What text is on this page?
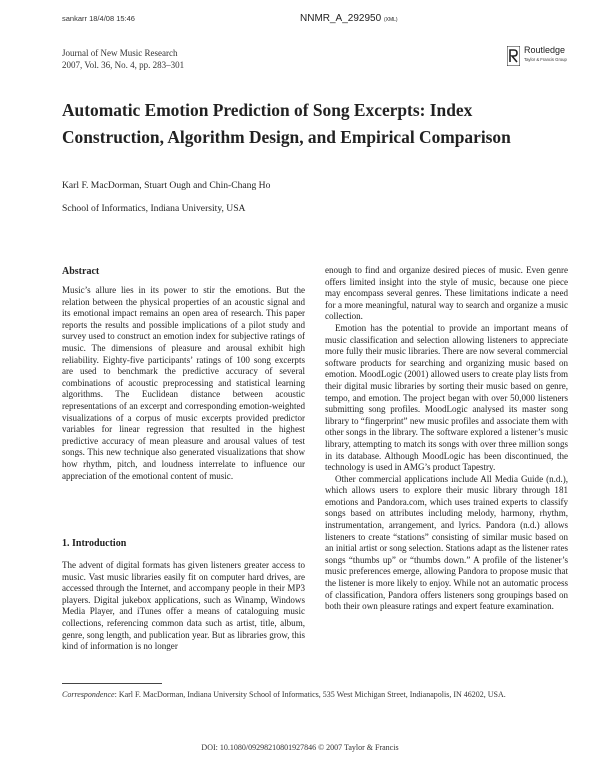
sankarr 18/4/08 15:46	NNMR_A_292950 (XML)
Journal of New Music Research
2007, Vol. 36, No. 4, pp. 283–301
Routledge
Taylor & Francis Group
Automatic Emotion Prediction of Song Excerpts: Index Construction, Algorithm Design, and Empirical Comparison
Karl F. MacDorman, Stuart Ough and Chin-Chang Ho
School of Informatics, Indiana University, USA
Abstract

Music’s allure lies in its power to stir the emotions. But the relation between the physical properties of an acoustic signal and its emotional impact remains an open area of research. This paper reports the results and possible implications of a pilot study and survey used to construct an emotion index for subjective ratings of music. The dimensions of pleasure and arousal exhibit high reliability. Eighty-five participants’ ratings of 100 song excerpts are used to benchmark the predictive accuracy of several combinations of acoustic preprocessing and statistical learning algorithms. The Euclidean distance between acoustic representations of an excerpt and corresponding emotion-weighted visualizations of a corpus of music excerpts provided predictor variables for linear regression that resulted in the highest predictive accuracy of mean pleasure and arousal values of test songs. This new technique also generated visualizations that show how rhythm, pitch, and loudness interrelate to influence our appreciation of the emotional content of music.

1. Introduction

The advent of digital formats has given listeners greater access to music. Vast music libraries easily fit on computer hard drives, are accessed through the Internet, and accompany people in their MP3 players. Digital jukebox applications, such as Winamp, Windows Media Player, and iTunes offer a means of cataloguing music collections, referencing common data such as artist, title, album, genre, song length, and publication year. But as libraries grow, this kind of information is no longer

enough to find and organize desired pieces of music. Even genre offers limited insight into the style of music, because one piece may encompass several genres. These limitations indicate a need for a more meaningful, natural way to search and organize a music collection.

Emotion has the potential to provide an important means of music classification and selection allowing listeners to appreciate more fully their music libraries. There are now several commercial software products for searching and organizing music based on emotion. MoodLogic (2001) allowed users to create play lists from their digital music libraries by sorting their music based on genre, tempo, and emotion. The project began with over 50,000 listeners submitting song profiles. MoodLogic analysed its master song library to “fingerprint” new music profiles and associate them with other songs in the library. The software explored a listener’s music library, attempting to match its songs with over three million songs in its database. Although MoodLogic has been discontinued, the technology is used in AMG’s product Tapestry.

Other commercial applications include All Media Guide (n.d.), which allows users to explore their music library through 181 emotions and Pandora.com, which uses trained experts to classify songs based on attributes including melody, harmony, rhythm, instrumentation, arrangement, and lyrics. Pandora (n.d.) allows listeners to create “stations” consisting of similar music based on an initial artist or song selection. Stations adapt as the listener rates songs “thumbs up” or “thumbs down.” A profile of the listener’s music preferences emerge, allowing Pandora to propose music that the listener is more likely to enjoy. While not an automatic process of classification, Pandora offers listeners song groupings based on both their own pleasure ratings and expert feature examination.

Correspondence: Karl F. MacDorman, Indiana University School of Informatics, 535 West Michigan Street, Indianapolis, IN 46202, USA.
DOI: 10.1080/09298210801927846 © 2007 Taylor & Francis
